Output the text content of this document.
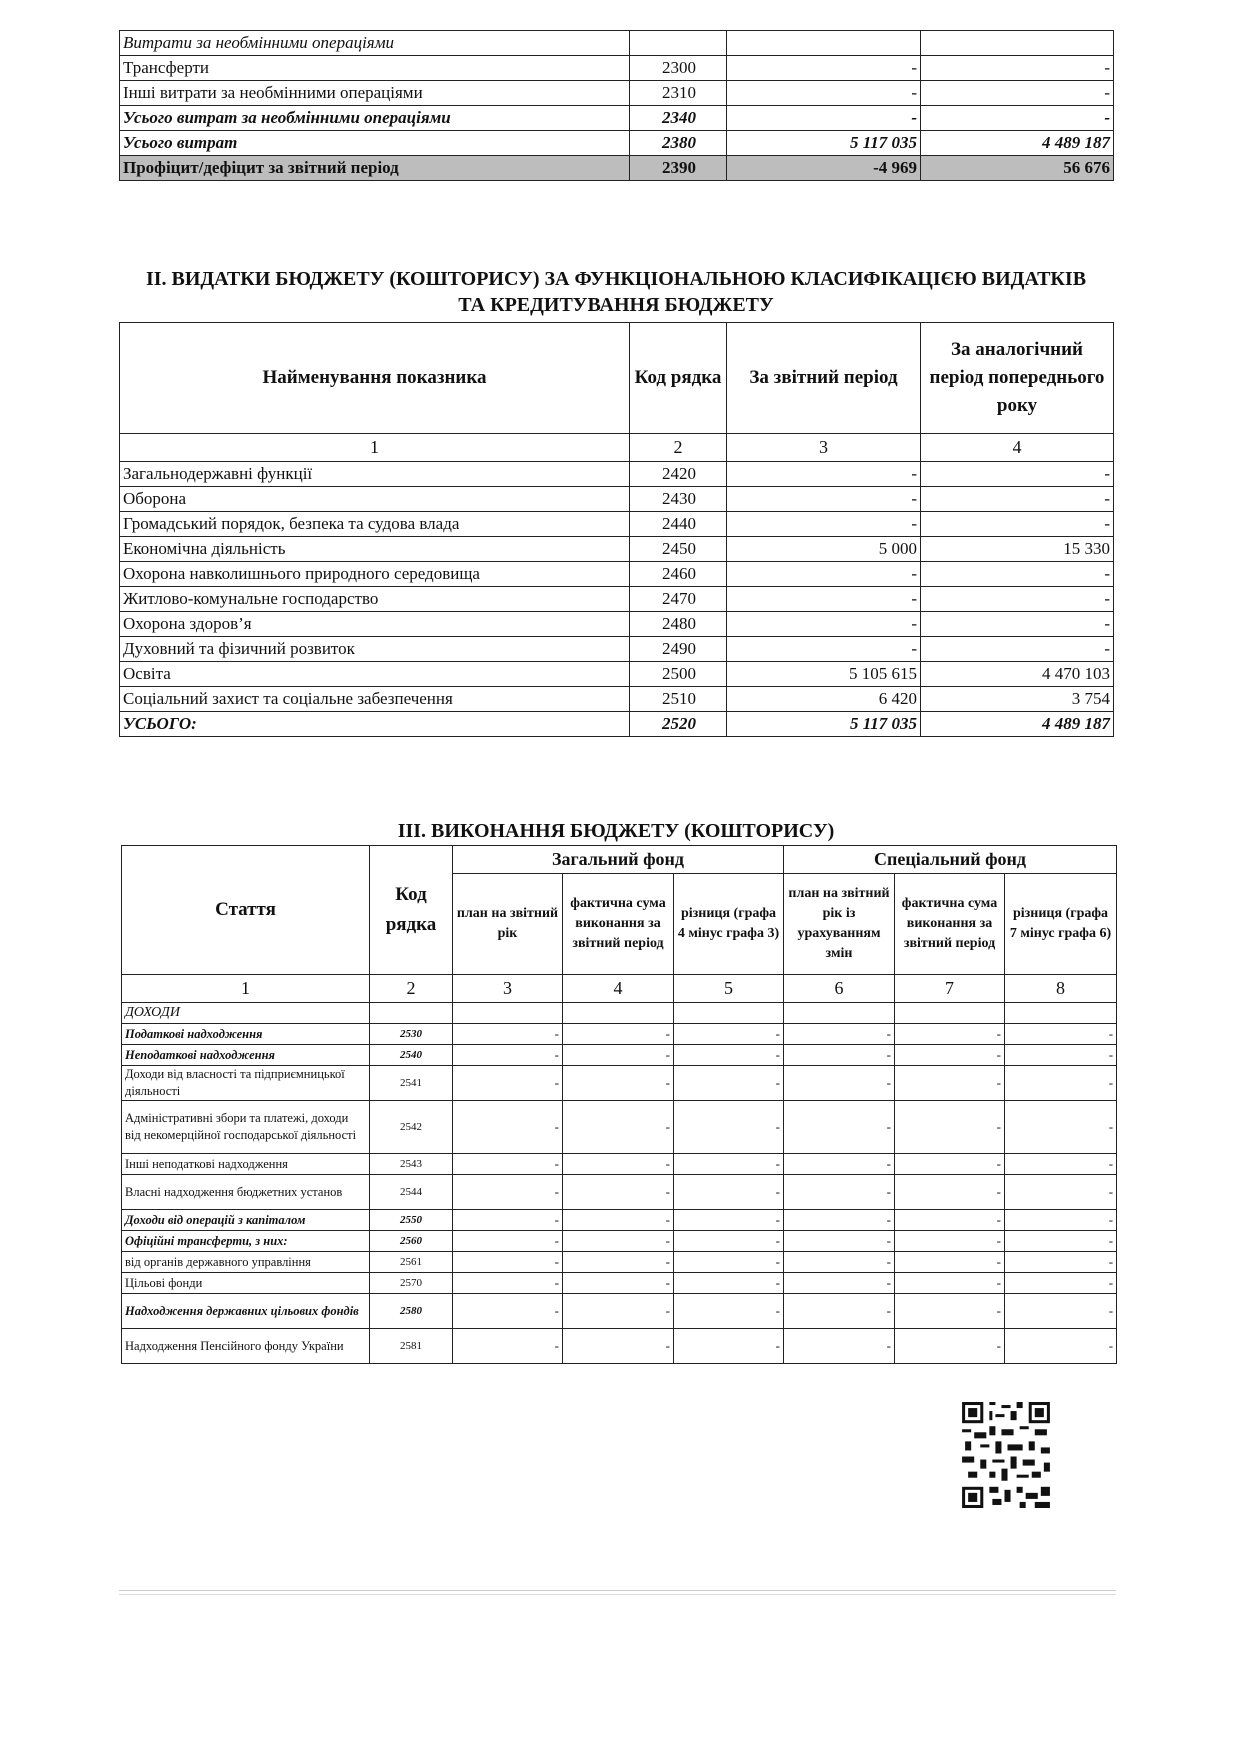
Витрати за необмінними операціями			
Трансферти	2300	-	-
Інші витрати за необмінними операціями	2310	-	-
Усього витрат за необмінними операціями	2340	-	-
Усього витрат	2380	5 117 035	4 489 187
Профіцит/дефіцит за звітний період	2390	-4 969	56 676
ІІ. ВИДАТКИ БЮДЖЕТУ (КОШТОРИСУ) ЗА ФУНКЦІОНАЛЬНОЮ КЛАСИФІКАЦІЄЮ ВИДАТКІВ
ТА КРЕДИТУВАННЯ БЮДЖЕТУ
Найменування показника	Код рядка	За звітний період	За аналогічний період попереднього року
1	2	3	4
Загальнодержавні функції	2420	-	-
Оборона	2430	-	-
Громадський порядок, безпека та судова влада	2440	-	-
Економічна діяльність	2450	5 000	15 330
Охорона навколишнього природного середовища	2460	-	-
Житлово-комунальне господарство	2470	-	-
Охорона здоров’я	2480	-	-
Духовний та фізичний розвиток	2490	-	-
Освіта	2500	5 105 615	4 470 103
Соціальний захист та соціальне забезпечення	2510	6 420	3 754
УСЬОГО:	2520	5 117 035	4 489 187
ІІІ. ВИКОНАННЯ БЮДЖЕТУ (КОШТОРИСУ)
Стаття	Код рядка	Загальний фонд			Спеціальний фонд		
		план на звітний рік	фактична сума виконання за звітний період	різниця (графа 4 мінус графа 3)	план на звітний рік із урахуванням змін	фактична сума виконання за звітний період	різниця (графа 7 мінус графа 6)
1	2	3	4	5	6	7	8
ДОХОДИ							
Податкові надходження	2530	-	-	-	-	-	-
Неподаткові надходження	2540	-	-	-	-	-	-
Доходи від власності та підприємницької діяльності	2541	-	-	-	-	-	-
Адміністративні збори та платежі, доходи від некомерційної господарської діяльності	2542	-	-	-	-	-	-
Інші неподаткові надходження	2543	-	-	-	-	-	-
Власні надходження бюджетних установ	2544	-	-	-	-	-	-
Доходи від операцій з капіталом	2550	-	-	-	-	-	-
Офіційні трансферти, з них:	2560	-	-	-	-	-	-
від органів державного управління	2561	-	-	-	-	-	-
Цільові фонди	2570	-	-	-	-	-	-
Надходження державних цільових фондів	2580	-	-	-	-	-	-
Надходження Пенсійного фонду України	2581	-	-	-	-	-	-
